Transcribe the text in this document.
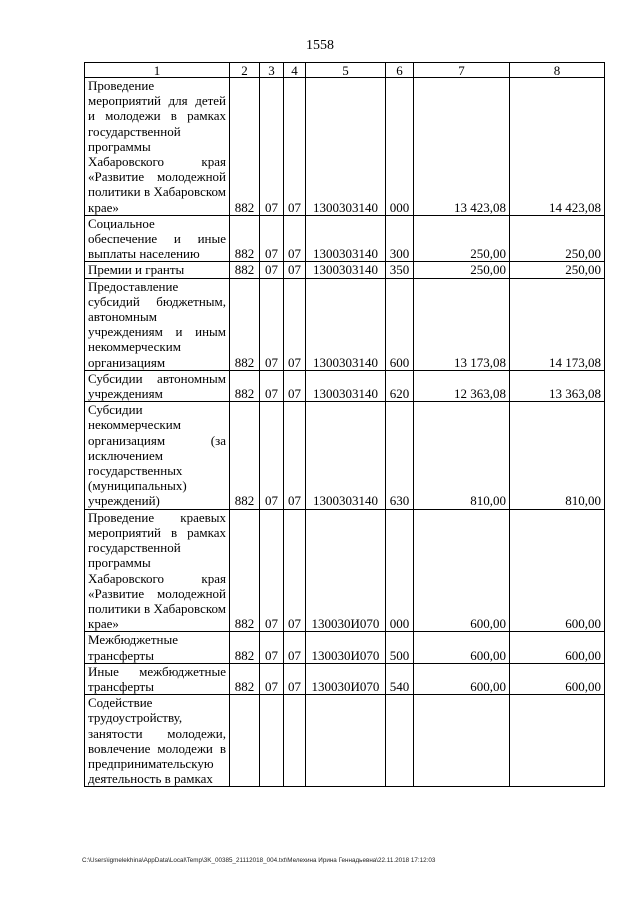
1558
1	2	3	4	5	6	7	8
Проведение мероприятий для детей и молодежи в рамках государственной программы Хабаровского края «Развитие молодежной политики в Хабаровском крае»	882	07	07	1300303140	000	13 423,08	14 423,08
Социальное обеспечение и иные выплаты населению	882	07	07	1300303140	300	250,00	250,00
Премии и гранты	882	07	07	1300303140	350	250,00	250,00
Предоставление субсидий бюджетным, автономным учреждениям и иным некоммерческим организациям	882	07	07	1300303140	600	13 173,08	14 173,08
Субсидии автономным учреждениям	882	07	07	1300303140	620	12 363,08	13 363,08
Субсидии некоммерческим организациям (за исключением государственных (муниципальных) учреждений)	882	07	07	1300303140	630	810,00	810,00
Проведение краевых мероприятий в рамках государственной программы Хабаровского края «Развитие молодежной политики в Хабаровском крае»	882	07	07	130030И070	000	600,00	600,00
Межбюджетные трансферты	882	07	07	130030И070	500	600,00	600,00
Иные межбюджетные трансферты	882	07	07	130030И070	540	600,00	600,00
Содействие трудоустройству, занятости молодежи, вовлечение молодежи в предпринимательскую деятельность в рамках							
C:\Users\igmelekhina\AppData\Local\Temp\3K_00385_21112018_004.txt\Мелехина Ирина Геннадьевна\22.11.2018 17:12:03
